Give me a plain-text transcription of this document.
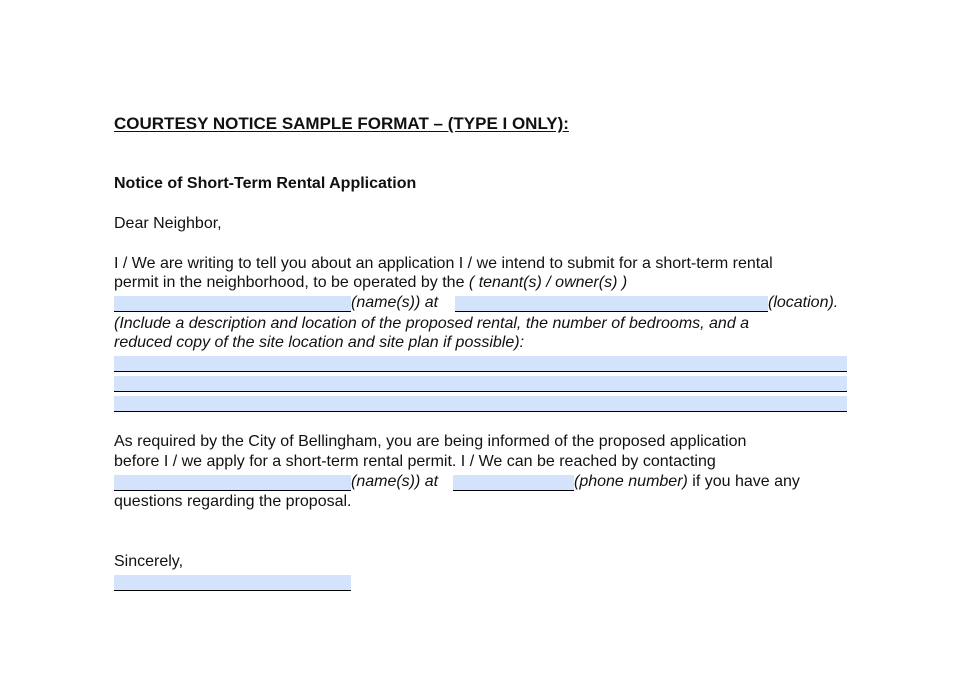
COURTESY NOTICE SAMPLE FORMAT – (TYPE I ONLY):
Notice of Short-Term Rental Application
Dear Neighbor,
I / We are writing to tell you about an application I / we intend to submit for a short-term rental
permit in the neighborhood, to be operated by the ( tenant(s) / owner(s) )
(name(s)) at	(location).
(Include a description and location of the proposed rental, the number of bedrooms, and a
reduced copy of the site location and site plan if possible):
As required by the City of Bellingham, you are being informed of the proposed application
before I / we apply for a short-term rental permit. I / We can be reached by contacting
(name(s)) at	(phone number) if you have any
questions regarding the proposal.
Sincerely,
